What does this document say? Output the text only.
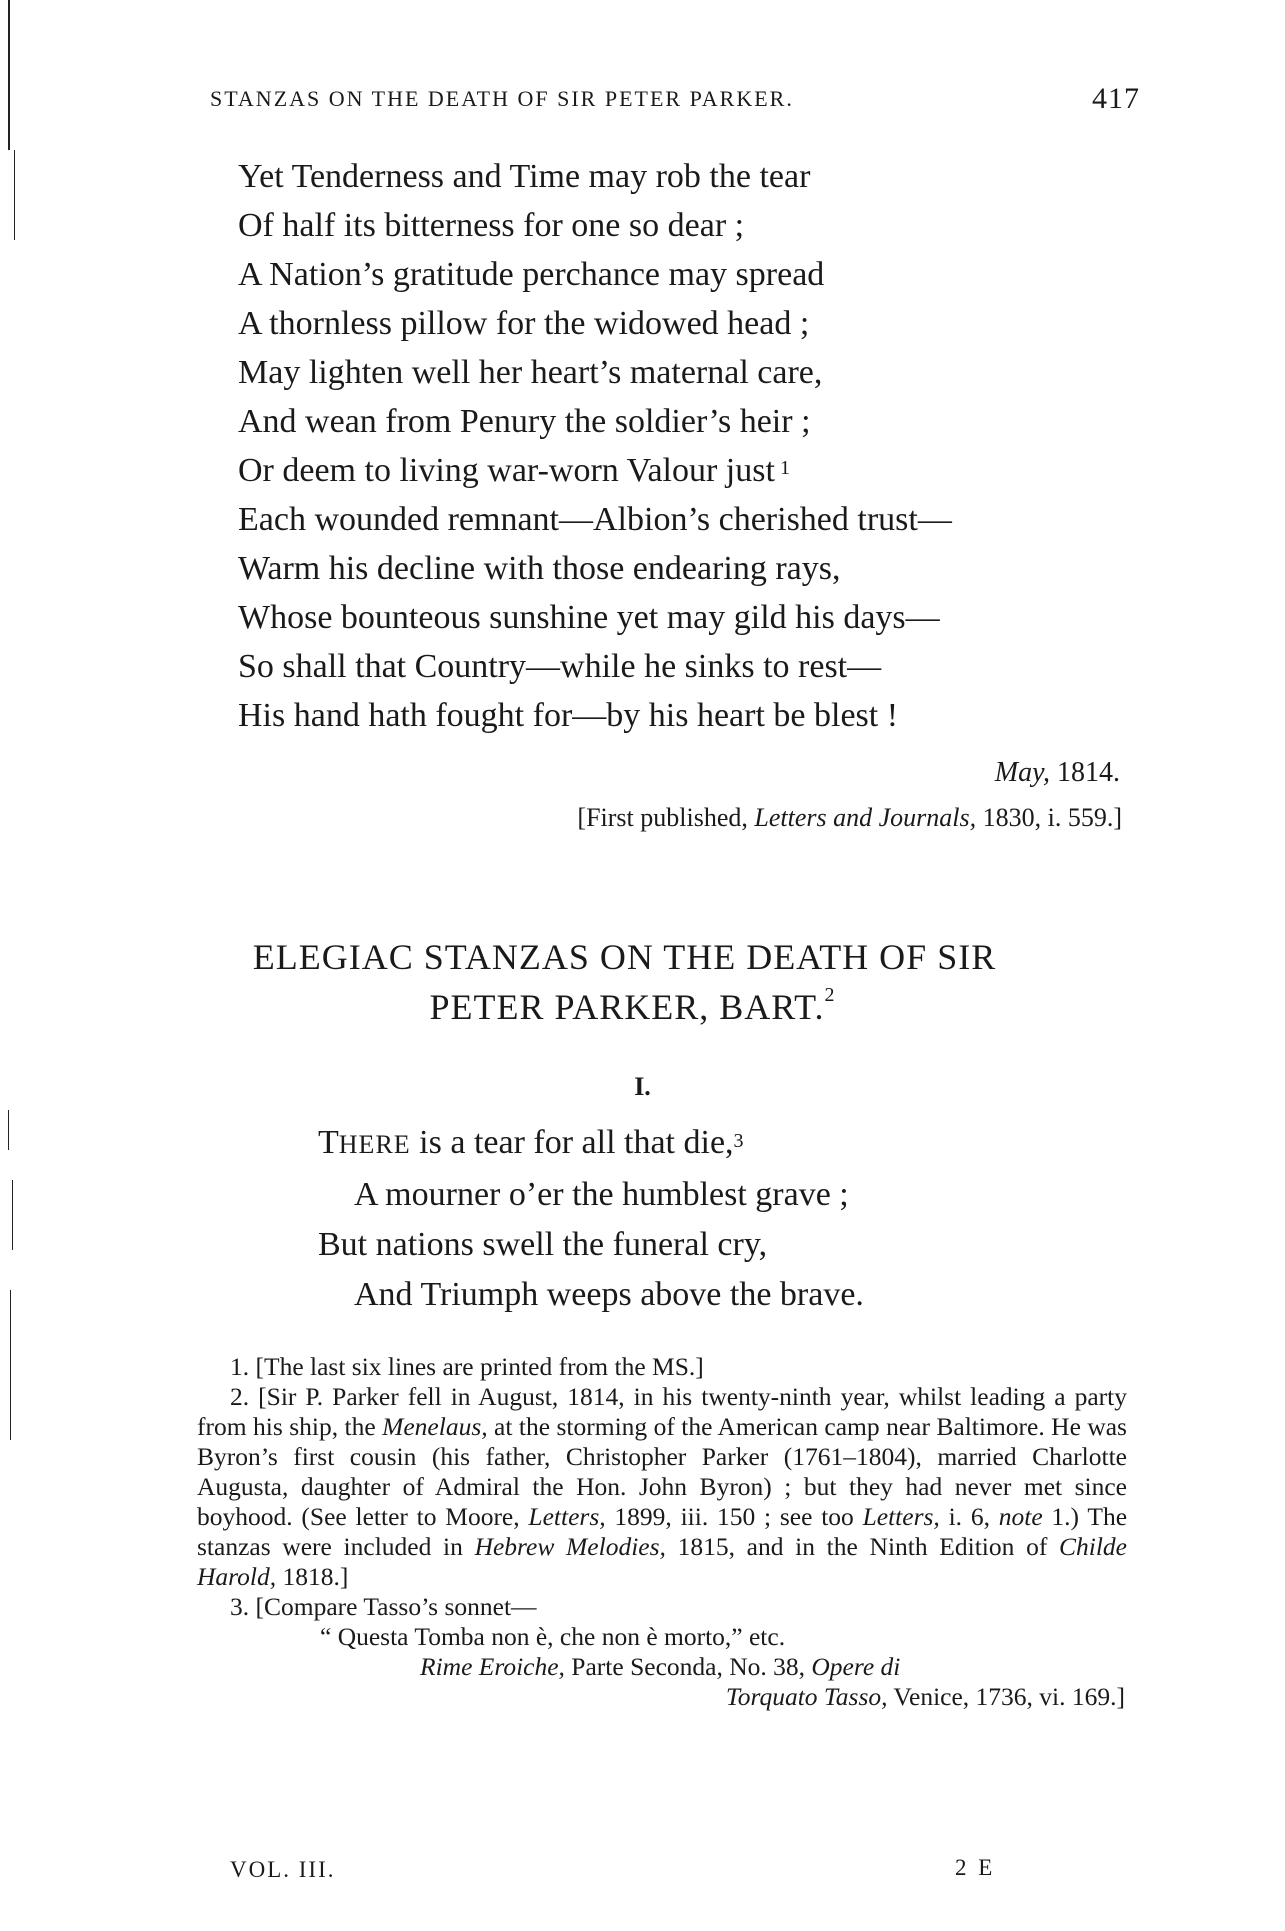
STANZAS ON THE DEATH OF SIR PETER PARKER.	417
Yet Tenderness and Time may rob the tear
Of half its bitterness for one so dear ;
A Nation’s gratitude perchance may spread
A thornless pillow for the widowed head ;
May lighten well her heart’s maternal care,
And wean from Penury the soldier’s heir ;
Or deem to living war-worn Valour just $^1$
Each wounded remnant—Albion’s cherished trust—
Warm his decline with those endearing rays,
Whose bounteous sunshine yet may gild his days—
So shall that Country—while he sinks to rest—
His hand hath fought for—by his heart be blest !
May, 1814.
[First published, Letters and Journals, 1830, i. 559.]
ELEGIAC STANZAS ON THE DEATH OF SIR
PETER PARKER, BART.$^2$
I.
THERE is a tear for all that die,$^3$
A mourner o’er the humblest grave ;
But nations swell the funeral cry,
And Triumph weeps above the brave.

1. [The last six lines are printed from the MS.]

2. [Sir P. Parker fell in August, 1814, in his twenty-ninth year, whilst leading a party from his ship, the Menelaus, at the storming of the American camp near Baltimore. He was Byron’s first cousin (his father, Christopher Parker (1761–1804), married Charlotte Augusta, daughter of Admiral the Hon. John Byron) ; but they had never met since boyhood. (See letter to Moore, Letters, 1899, iii. 150 ; see too Letters, i. 6, note 1.) The stanzas were included in Hebrew Melodies, 1815, and in the Ninth Edition of Childe Harold, 1818.]

3. [Compare Tasso’s sonnet—

“ Questa Tomba non è, che non è morto,” etc.

Rime Eroiche, Parte Seconda, No. 38, Opere di

Torquato Tasso, Venice, 1736, vi. 169.]

VOL. III.	2 E
